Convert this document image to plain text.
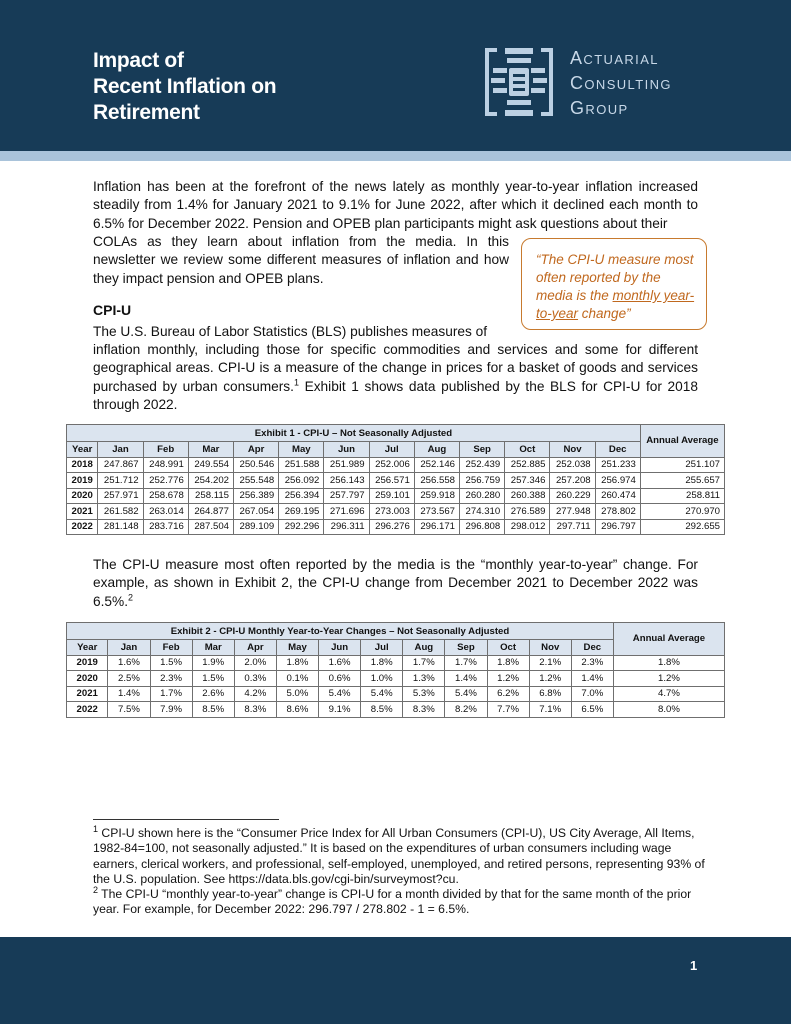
Impact of
Recent Inflation on
Retirement
Actuarial
Consulting
Group

Inflation has been at the forefront of the news lately as monthly year-to-year inflation increased steadily from 1.4% for January 2021 to 9.1% for June 2022, after which it declined each month to 6.5% for December 2022. Pension and OPEB plan participants might ask questions about their

COLAs as they learn about inflation from the media. In this newsletter we review some different measures of inflation and how they impact pension and OPEB plans.

“The CPI-U measure most often reported by the media is the monthly year-to-year change”
CPI-U

The U.S. Bureau of Labor Statistics (BLS) publishes measures of

inflation monthly, including those for specific commodities and services and some for different geographical areas. CPI-U is a measure of the change in prices for a basket of goods and services purchased by urban consumers.$^1$ Exhibit 1 shows data published by the BLS for CPI-U for 2018 through 2022.

Exhibit 1 - CPI-U – Not Seasonally Adjusted													Annual Average
Year	Jan	Feb	Mar	Apr	May	Jun	Jul	Aug	Sep	Oct	Nov	Dec	
2018	247.867	248.991	249.554	250.546	251.588	251.989	252.006	252.146	252.439	252.885	252.038	251.233	251.107
2019	251.712	252.776	254.202	255.548	256.092	256.143	256.571	256.558	256.759	257.346	257.208	256.974	255.657
2020	257.971	258.678	258.115	256.389	256.394	257.797	259.101	259.918	260.280	260.388	260.229	260.474	258.811
2021	261.582	263.014	264.877	267.054	269.195	271.696	273.003	273.567	274.310	276.589	277.948	278.802	270.970
2022	281.148	283.716	287.504	289.109	292.296	296.311	296.276	296.171	296.808	298.012	297.711	296.797	292.655

The CPI-U measure most often reported by the media is the “monthly year-to-year” change. For example, as shown in Exhibit 2, the CPI-U change from December 2021 to December 2022 was 6.5%.$^2$

Exhibit 2 - CPI-U Monthly Year-to-Year Changes – Not Seasonally Adjusted													Annual Average
Year	Jan	Feb	Mar	Apr	May	Jun	Jul	Aug	Sep	Oct	Nov	Dec	
2019	1.6%	1.5%	1.9%	2.0%	1.8%	1.6%	1.8%	1.7%	1.7%	1.8%	2.1%	2.3%	1.8%
2020	2.5%	2.3%	1.5%	0.3%	0.1%	0.6%	1.0%	1.3%	1.4%	1.2%	1.2%	1.4%	1.2%
2021	1.4%	1.7%	2.6%	4.2%	5.0%	5.4%	5.4%	5.3%	5.4%	6.2%	6.8%	7.0%	4.7%
2022	7.5%	7.9%	8.5%	8.3%	8.6%	9.1%	8.5%	8.3%	8.2%	7.7%	7.1%	6.5%	8.0%

$^1$ CPI-U shown here is the “Consumer Price Index for All Urban Consumers (CPI-U), US City Average, All Items, 1982-84=100, not seasonally adjusted.” It is based on the expenditures of urban consumers including wage earners, clerical workers, and professional, self-employed, unemployed, and retired persons, representing 93% of the U.S. population. See https://data.bls.gov/cgi-bin/surveymost?cu.

$^2$ The CPI-U “monthly year-to-year” change is CPI-U for a month divided by that for the same month of the prior year. For example, for December 2022: 296.797 / 278.802 - 1 = 6.5%.

1
